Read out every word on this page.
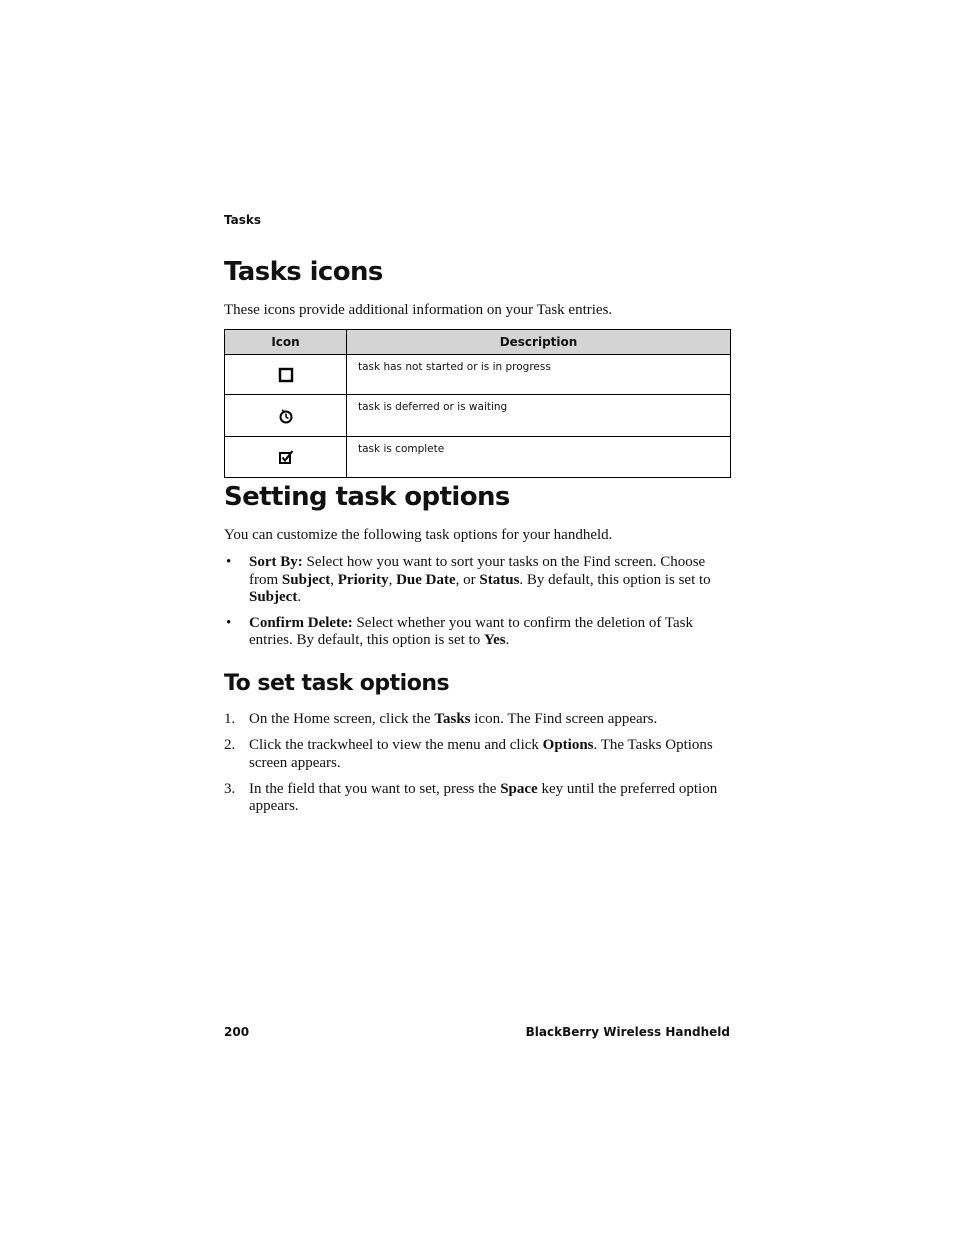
Tasks
Tasks icons
These icons provide additional information on your Task entries.
Icon	Description
	task has not started or is in progress
	task is deferred or is waiting
	task is complete
Setting task options
You can customize the following task options for your handheld.
• Sort By: Select how you want to sort your tasks on the Find screen. Choose from Subject, Priority, Due Date, or Status. By default, this option is set to Subject.
• Confirm Delete: Select whether you want to confirm the deletion of Task entries. By default, this option is set to Yes.
To set task options
1. On the Home screen, click the Tasks icon. The Find screen appears.
2. Click the trackwheel to view the menu and click Options. The Tasks Options screen appears.
3. In the field that you want to set, press the Space key until the preferred option appears.
200	BlackBerry Wireless Handheld
